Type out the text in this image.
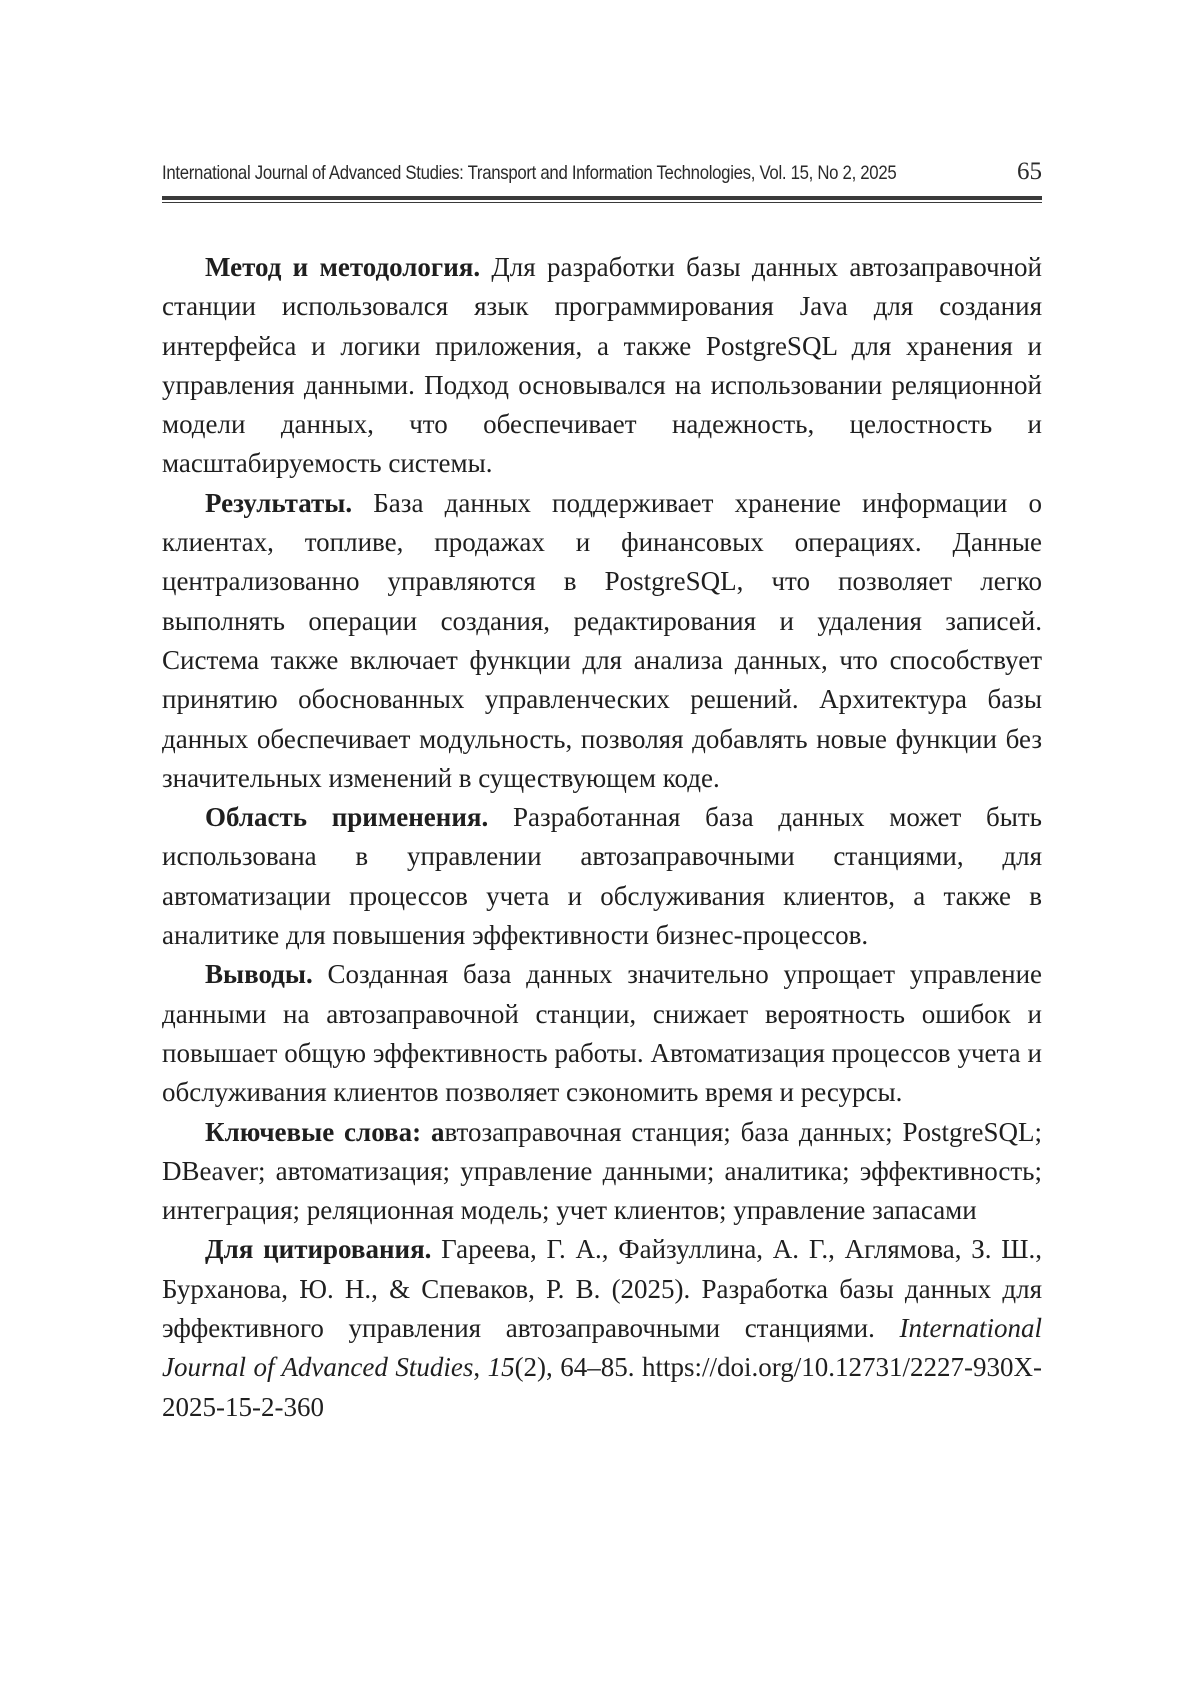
International Journal of Advanced Studies: Transport and Information Technologies, Vol. 15, No 2, 2025	65

Метод и методология. Для разработки базы данных автозаправочной станции использовался язык программирования Java для создания интерфейса и логики приложения, а также PostgreSQL для хранения и управления данными. Подход основывался на использовании реляционной модели данных, что обеспечивает надежность, целостность и масштабируемость системы.

Результаты. База данных поддерживает хранение информации о клиентах, топливе, продажах и финансовых операциях. Данные централизованно управляются в PostgreSQL, что позволяет легко выполнять операции создания, редактирования и удаления записей. Система также включает функции для анализа данных, что способствует принятию обоснованных управленческих решений. Архитектура базы данных обеспечивает модульность, позволяя добавлять новые функции без значительных изменений в существующем коде.

Область применения. Разработанная база данных может быть использована в управлении автозаправочными станциями, для автоматизации процессов учета и обслуживания клиентов, а также в аналитике для повышения эффективности бизнес-процессов.

Выводы. Созданная база данных значительно упрощает управление данными на автозаправочной станции, снижает вероятность ошибок и повышает общую эффективность работы. Автоматизация процессов учета и обслуживания клиентов позволяет сэкономить время и ресурсы.

Ключевые слова: автозаправочная станция; база данных; PostgreSQL; DBeaver; автоматизация; управление данными; аналитика; эффективность; интеграция; реляционная модель; учет клиентов; управление запасами

Для цитирования. Гареева, Г. А., Файзуллина, А. Г., Аглямова, З. Ш., Бурханова, Ю. Н., & Спеваков, Р. В. (2025). Разработка базы данных для эффективного управления автозаправочными станциями. International Journal of Advanced Studies, 15(2), 64–85. https://doi.org/10.12731/2227-930X-2025-15-2-360
